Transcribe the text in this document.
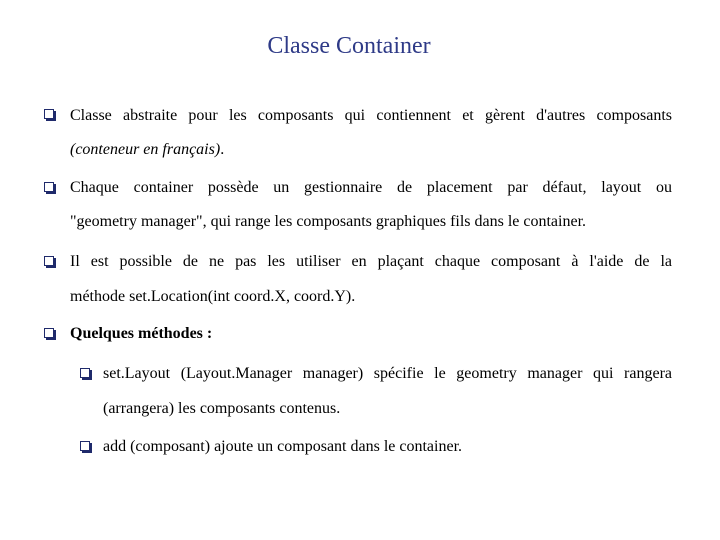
Classe Container
Classe abstraite pour les composants qui contiennent et gèrent d'autres composants
(conteneur en français).
Chaque container possède un gestionnaire de placement par défaut, layout ou
"geometry manager", qui range les composants graphiques fils dans le container.
Il est possible de ne pas les utiliser en plaçant chaque composant à l'aide de la
méthode set.Location(int coord.X, coord.Y).
Quelques méthodes :
set.Layout (Layout.Manager manager) spécifie le geometry manager qui rangera
(arrangera) les composants contenus.
add (composant) ajoute un composant dans le container.
